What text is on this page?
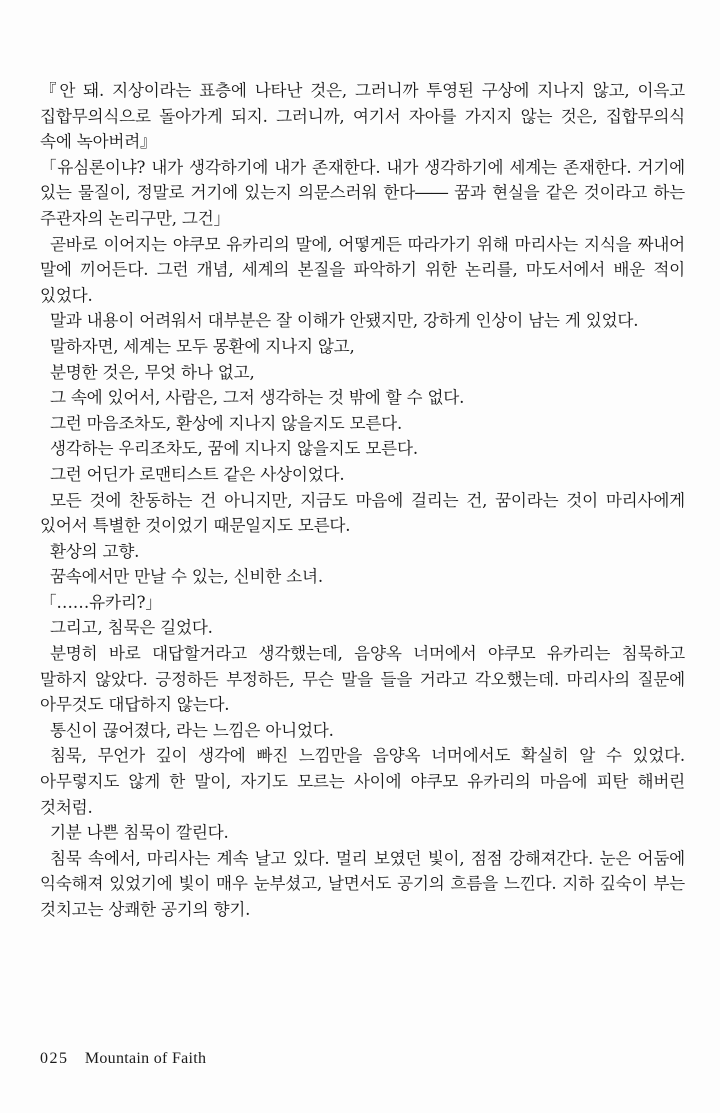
『안 돼. 지상이라는 표층에 나타난 것은, 그러니까 투영된 구상에 지나지 않고, 이윽고 집합무의식으로 돌아가게 되지. 그러니까, 여기서 자아를 가지지 않는 것은, 집합무의식 속에 녹아버려』

「유심론이냐? 내가 생각하기에 내가 존재한다. 내가 생각하기에 세계는 존재한다. 거기에 있는 물질이, 정말로 거기에 있는지 의문스러워 한다―― 꿈과 현실을 같은 것이라고 하는 주관자의 논리구만, 그건」

곧바로 이어지는 야쿠모 유카리의 말에, 어떻게든 따라가기 위해 마리사는 지식을 짜내어 말에 끼어든다. 그런 개념, 세계의 본질을 파악하기 위한 논리를, 마도서에서 배운 적이 있었다.

말과 내용이 어려워서 대부분은 잘 이해가 안됐지만, 강하게 인상이 남는 게 있었다.

말하자면, 세계는 모두 몽환에 지나지 않고,

분명한 것은, 무엇 하나 없고,

그 속에 있어서, 사람은, 그저 생각하는 것 밖에 할 수 없다.

그런 마음조차도, 환상에 지나지 않을지도 모른다.

생각하는 우리조차도, 꿈에 지나지 않을지도 모른다.

그런 어딘가 로맨티스트 같은 사상이었다.

모든 것에 찬동하는 건 아니지만, 지금도 마음에 걸리는 건, 꿈이라는 것이 마리사에게 있어서 특별한 것이었기 때문일지도 모른다.

환상의 고향.

꿈속에서만 만날 수 있는, 신비한 소녀.

「……유카리?」

그리고, 침묵은 길었다.

분명히 바로 대답할거라고 생각했는데, 음양옥 너머에서 야쿠모 유카리는 침묵하고 말하지 않았다. 긍정하든 부정하든, 무슨 말을 들을 거라고 각오했는데. 마리사의 질문에 아무것도 대답하지 않는다.

통신이 끊어졌다, 라는 느낌은 아니었다.

침묵, 무언가 깊이 생각에 빠진 느낌만을 음양옥 너머에서도 확실히 알 수 있었다. 아무렇지도 않게 한 말이, 자기도 모르는 사이에 야쿠모 유카리의 마음에 피탄 해버린 것처럼.

기분 나쁜 침묵이 깔린다.

침묵 속에서, 마리사는 계속 날고 있다. 멀리 보였던 빛이, 점점 강해져간다. 눈은 어둠에 익숙해져 있었기에 빛이 매우 눈부셨고, 날면서도 공기의 흐름을 느낀다. 지하 깊숙이 부는 것치고는 상쾌한 공기의 향기.

025 Mountain of Faith
